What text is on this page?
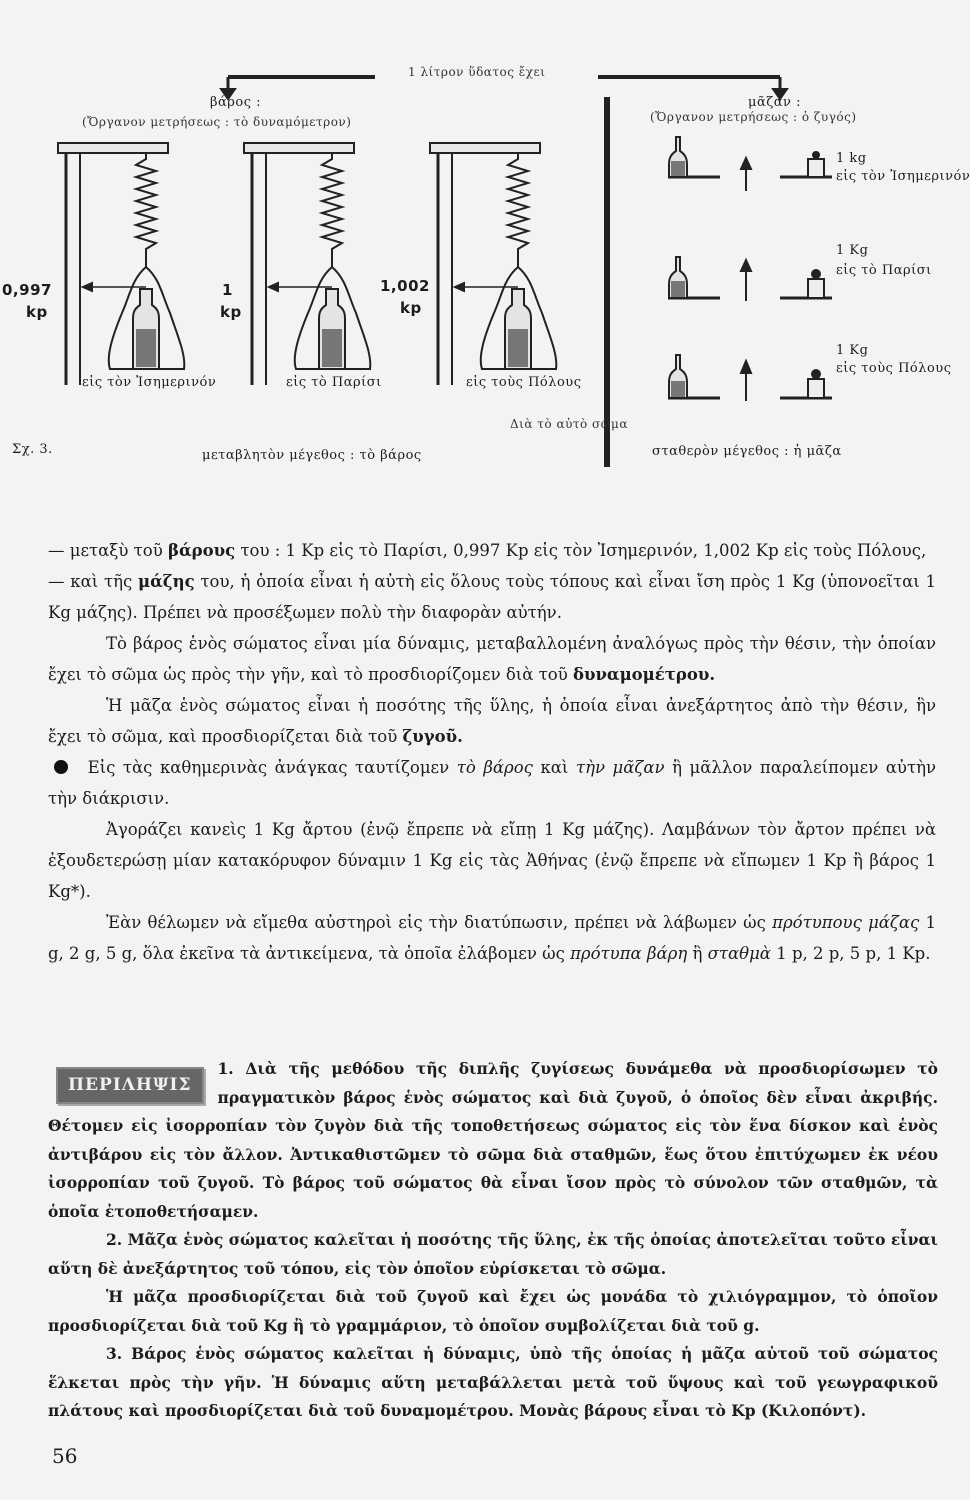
1 λίτρον ὕδατος ἔχει
βάρος :
(Ὄργανον μετρήσεως : τὸ δυναμόμετρον)
μᾶζαν :
(Ὄργανον μετρήσεως : ὁ ζυγός)
0,997
kp
1
kp
1,002
kp
εἰς τὸν Ἰσημερινόν	εἰς τὸ Παρίσι	εἰς τοὺς Πόλους
1 kg
εἰς τὸν Ἰσημερινόν
1 Kg
εἰς τὸ Παρίσι
1 Kg
εἰς τοὺς Πόλους
Σχ. 3.
Διὰ τὸ αὐτὸ σῶμα
μεταβλητὸν μέγεθος : τὸ βάρος	σταθερὸν μέγεθος : ἡ μᾶζα

— μεταξὺ τοῦ βάρους του : 1 Kp εἰς τὸ Παρίσι, 0,997 Kp εἰς τὸν Ἰσημερινόν, 1,002 Kp εἰς τοὺς Πόλους,

— καὶ τῆς μάζης του, ἡ ὁποία εἶναι ἡ αὐτὴ εἰς ὅλους τοὺς τόπους καὶ εἶναι ἴση πρὸς 1 Kg (ὑπονοεῖται 1 Kg μάζης). Πρέπει νὰ προσέξωμεν πολὺ τὴν διαφορὰν αὐτήν.

Τὸ βάρος ἑνὸς σώματος εἶναι μία δύναμις, μεταβαλλομένη ἀναλόγως πρὸς τὴν θέσιν, τὴν ὁποίαν ἔχει τὸ σῶμα ὡς πρὸς τὴν γῆν, καὶ τὸ προσδιορίζομεν διὰ τοῦ δυναμομέτρου.

Ἡ μᾶζα ἑνὸς σώματος εἶναι ἡ ποσότης τῆς ὕλης, ἡ ὁποία εἶναι ἀνεξάρτητος ἀπὸ τὴν θέσιν, ἣν ἔχει τὸ σῶμα, καὶ προσδιορίζεται διὰ τοῦ ζυγοῦ.

Εἰς τὰς καθημερινὰς ἀνάγκας ταυτίζομεν τὸ βάρος καὶ τὴν μᾶζαν ἢ μᾶλλον παραλείπομεν αὐτὴν τὴν διάκρισιν.

Ἀγοράζει κανεὶς 1 Kg ἄρτου (ἐνῷ ἔπρεπε νὰ εἴπῃ 1 Kg μάζης). Λαμβάνων τὸν ἄρτον πρέπει νὰ ἐξουδετερώσῃ μίαν κατακόρυφον δύναμιν 1 Kg εἰς τὰς Ἀθήνας (ἐνῷ ἔπρεπε νὰ εἴπωμεν 1 Kp ἢ βάρος 1 Kg*).

Ἐὰν θέλωμεν νὰ εἴμεθα αὐστηροὶ εἰς τὴν διατύπωσιν, πρέπει νὰ λάβωμεν ὡς πρότυπους μάζας 1 g, 2 g, 5 g, ὅλα ἐκεῖνα τὰ ἀντικείμενα, τὰ ὁποῖα ἐλάβομεν ὡς πρότυπα βάρη ἢ σταθμὰ 1 p, 2 p, 5 p, 1 Kp.

ΠΕΡΙΛΗΨΙΣ

1. Διὰ τῆς μεθόδου τῆς διπλῆς ζυγίσεως δυνάμεθα νὰ προσδιορίσωμεν τὸ πραγματικὸν βάρος ἑνὸς σώματος καὶ διὰ ζυγοῦ, ὁ ὁποῖος δὲν εἶναι ἀκριβής. Θέτομεν εἰς ἰσορροπίαν τὸν ζυγὸν διὰ τῆς τοποθετήσεως σώματος εἰς τὸν ἕνα δίσκον καὶ ἑνὸς ἀντιβάρου εἰς τὸν ἄλλον. Ἀντικαθιστῶμεν τὸ σῶμα διὰ σταθμῶν, ἕως ὅτου ἐπιτύχωμεν ἐκ νέου ἰσορροπίαν τοῦ ζυγοῦ. Τὸ βάρος τοῦ σώματος θὰ εἶναι ἴσον πρὸς τὸ σύνολον τῶν σταθμῶν, τὰ ὁποῖα ἐτοποθετήσαμεν.

2. Μᾶζα ἑνὸς σώματος καλεῖται ἡ ποσότης τῆς ὕλης, ἐκ τῆς ὁποίας ἀποτελεῖται τοῦτο εἶναι αὕτη δὲ ἀνεξάρτητος τοῦ τόπου, εἰς τὸν ὁποῖον εὑρίσκεται τὸ σῶμα.

Ἡ μᾶζα προσδιορίζεται διὰ τοῦ ζυγοῦ καὶ ἔχει ὡς μονάδα τὸ χιλιόγραμμον, τὸ ὁποῖον προσδιορίζεται διὰ τοῦ Kg ἢ τὸ γραμμάριον, τὸ ὁποῖον συμβολίζεται διὰ τοῦ g.

3. Βάρος ἑνὸς σώματος καλεῖται ἡ δύναμις, ὑπὸ τῆς ὁποίας ἡ μᾶζα αὐτοῦ τοῦ σώματος ἕλκεται πρὸς τὴν γῆν. Ἡ δύναμις αὕτη μεταβάλλεται μετὰ τοῦ ὕψους καὶ τοῦ γεωγραφικοῦ πλάτους καὶ προσδιορίζεται διὰ τοῦ δυναμομέτρου. Μονὰς βάρους εἶναι τὸ Kp (Κιλοπόντ).

56
